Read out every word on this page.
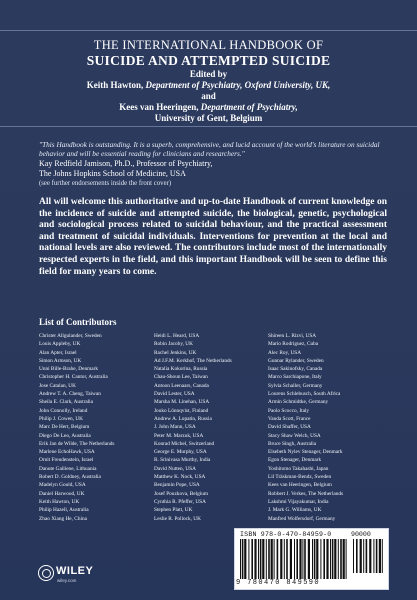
THE INTERNATIONAL HANDBOOK OF
SUICIDE AND ATTEMPTED SUICIDE
Edited by
Keith Hawton, Department of Psychiatry, Oxford University, UK,
and
Kees van Heeringen, Department of Psychiatry,
University of Gent, Belgium
"This Handbook is outstanding. It is a superb, comprehensive, and lucid account of the world's literature on suicidal behavior and will be essential reading for clinicians and researchers."
Kay Redfield Jamison, Ph.D., Professor of Psychiatry,
The Johns Hopkins School of Medicine, USA
(see further endorsements inside the front cover)
All will welcome this authoritative and up-to-date Handbook of current knowledge on the incidence of suicide and attempted suicide, the biological, genetic, psychological and sociological process related to suicidal behaviour, and the practical assessment and treatment of suicidal individuals. Interventions for prevention at the local and national levels are also reviewed. The contributors include most of the internationally respected experts in the field, and this important Handbook will be seen to define this field for many years to come.
List of Contributors
Christer Allgulander, Sweden
Louis Appleby, UK
Alan Apter, Israel
Simon Armson, UK
Unni Bille-Brahe, Denmark
Christopher H. Cantor, Australia
Jose Catalan, UK
Andrew T. A. Cheng, Taiwan
Sheila E. Clark, Australia
John Connolly, Ireland
Philip J. Cowen, UK
Marc De Hert, Belgium
Diego De Leo, Australia
Erik Jan de Wilde, The Netherlands
Marlene EchoHawk, USA
Ornit Freudenstein, Israel
Danute Gailiene, Lithuania
Robert D. Goldney, Australia
Madelyn Gould, USA
Daniel Harwood, UK
Keith Hawton, UK
Philip Hazell, Australia
Zhao Xiang He, China
Heidi L. Heard, USA
Robin Jacoby, UK
Rachel Jenkins, UK
Ad J.F.M. Kerkhof, The Netherlands
Natalia Kokorina, Russia
Chau-Shoun Lee, Taiwan
Antoon Leenaars, Canada
David Lester, USA
Marsha M. Linehan, USA
Jouko Lönnqvist, Finland
Andrew A. Lopatin, Russia
J. John Mann, USA
Peter M. Marzuk, USA
Konrad Michel, Switzerland
George E. Murphy, USA
R. Srinivasa Murthy, India
David Nutten, USA
Matthew K. Nock, USA
Benjamin Pope, USA
Josef Pouzkova, Belgium
Cynthia R. Pfeffer, USA
Stephen Platt, UK
Leslie R. Pollock, UK
Shireen L. Rizvi, USA
Mario Rodriguez, Cuba
Alec Roy, USA
Gunnar Rylander, Sweden
Isaac Sakinofsky, Canada
Marco Sarchiapone, Italy
Sylvia Schaller, Germany
Lourens Schlebusch, South Africa
Armin Schmidtke, Germany
Paolo Scocco, Italy
Vanda Scott, France
David Shaffer, USA
Stacy Shaw Welch, USA
Bruce Singh, Australia
Elsebeth Nylev Stenager, Denmark
Egon Stenager, Denmark
Yoshitomo Takahashi, Japan
Lil Träskman-Bendz, Sweden
Kees van Heeringen, Belgium
Robbert J. Verkes, The Netherlands
Lakshmi Vijayakumar, India
J. Mark G. Williams, UK
Manfred Wolfersdorf, Germany
WILEY
wiley.com
ISBN 978-0-470-84959-0	90000
9 780470 849590
